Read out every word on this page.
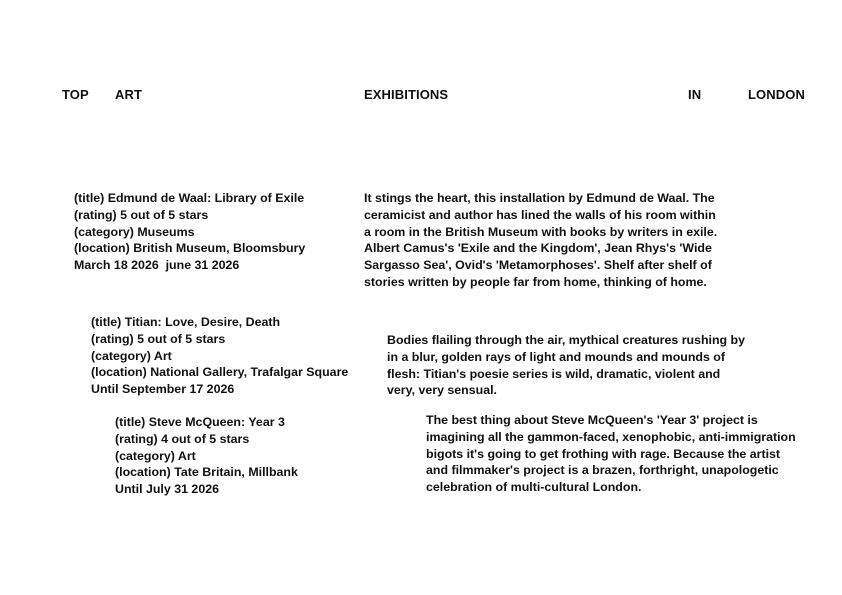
TOP ART	EXHIBITIONS	IN	LONDON
(title) Edmund de Waal: Library of Exile
(rating) 5 out of 5 stars
(category) Museums
(location) British Museum, Bloomsbury
March 18 2026  june 31 2026

It stings the heart, this installation by Edmund de Waal. The ceramicist and author has lined the walls of his room within a room in the British Museum with books by writers in exile. Albert Camus's 'Exile and the Kingdom', Jean Rhys's 'Wide Sargasso Sea', Ovid's 'Metamorphoses'. Shelf after shelf of stories written by people far from home, thinking of home.

(title) Titian: Love, Desire, Death
(rating) 5 out of 5 stars
(category) Art
(location) National Gallery, Trafalgar Square
Until September 17 2026

Bodies flailing through the air, mythical creatures rushing by in a blur, golden rays of light and mounds and mounds of flesh: Titian's poesie series is wild, dramatic, violent and very, very sensual.

(title) Steve McQueen: Year 3
(rating) 4 out of 5 stars
(category) Art
(location) Tate Britain, Millbank
Until July 31 2026

The best thing about Steve McQueen's 'Year 3' project is imagining all the gammon-faced, xenophobic, anti-immigration bigots it's going to get frothing with rage. Because the artist and filmmaker's project is a brazen, forthright, unapologetic celebration of multi-cultural London.
